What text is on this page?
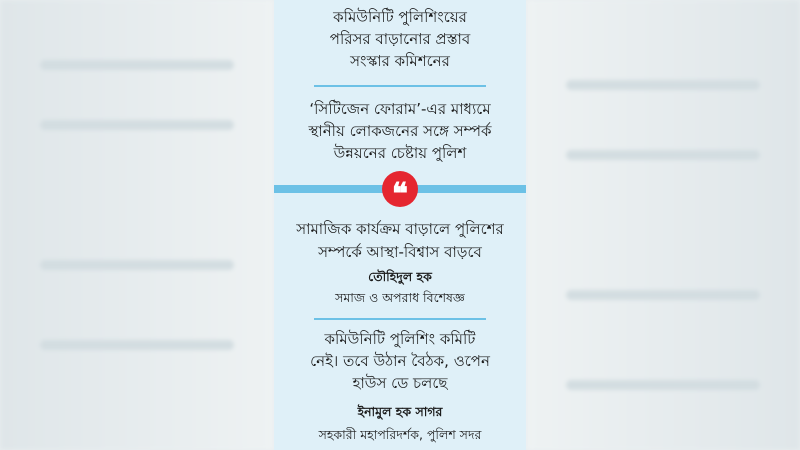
কমিউনিটি পুলিশিংয়ের
পরিসর বাড়ানোর প্রস্তাব
সংস্কার কমিশনের
‘সিটিজেন ফোরাম’-এর মাধ্যমে
স্থানীয় লোকজনের সঙ্গে সম্পর্ক
উন্নয়নের চেষ্টায় পুলিশ
সামাজিক কার্যক্রম বাড়ালে পুলিশের
সম্পর্কে আস্থা-বিশ্বাস বাড়বে
তৌহিদুল হক
সমাজ ও অপরাধ বিশেষজ্ঞ
কমিউনিটি পুলিশিং কমিটি
নেই। তবে উঠান বৈঠক, ওপেন
হাউস ডে চলছে
ইনামুল হক সাগর
সহকারী মহাপরিদর্শক, পুলিশ সদর
❝
